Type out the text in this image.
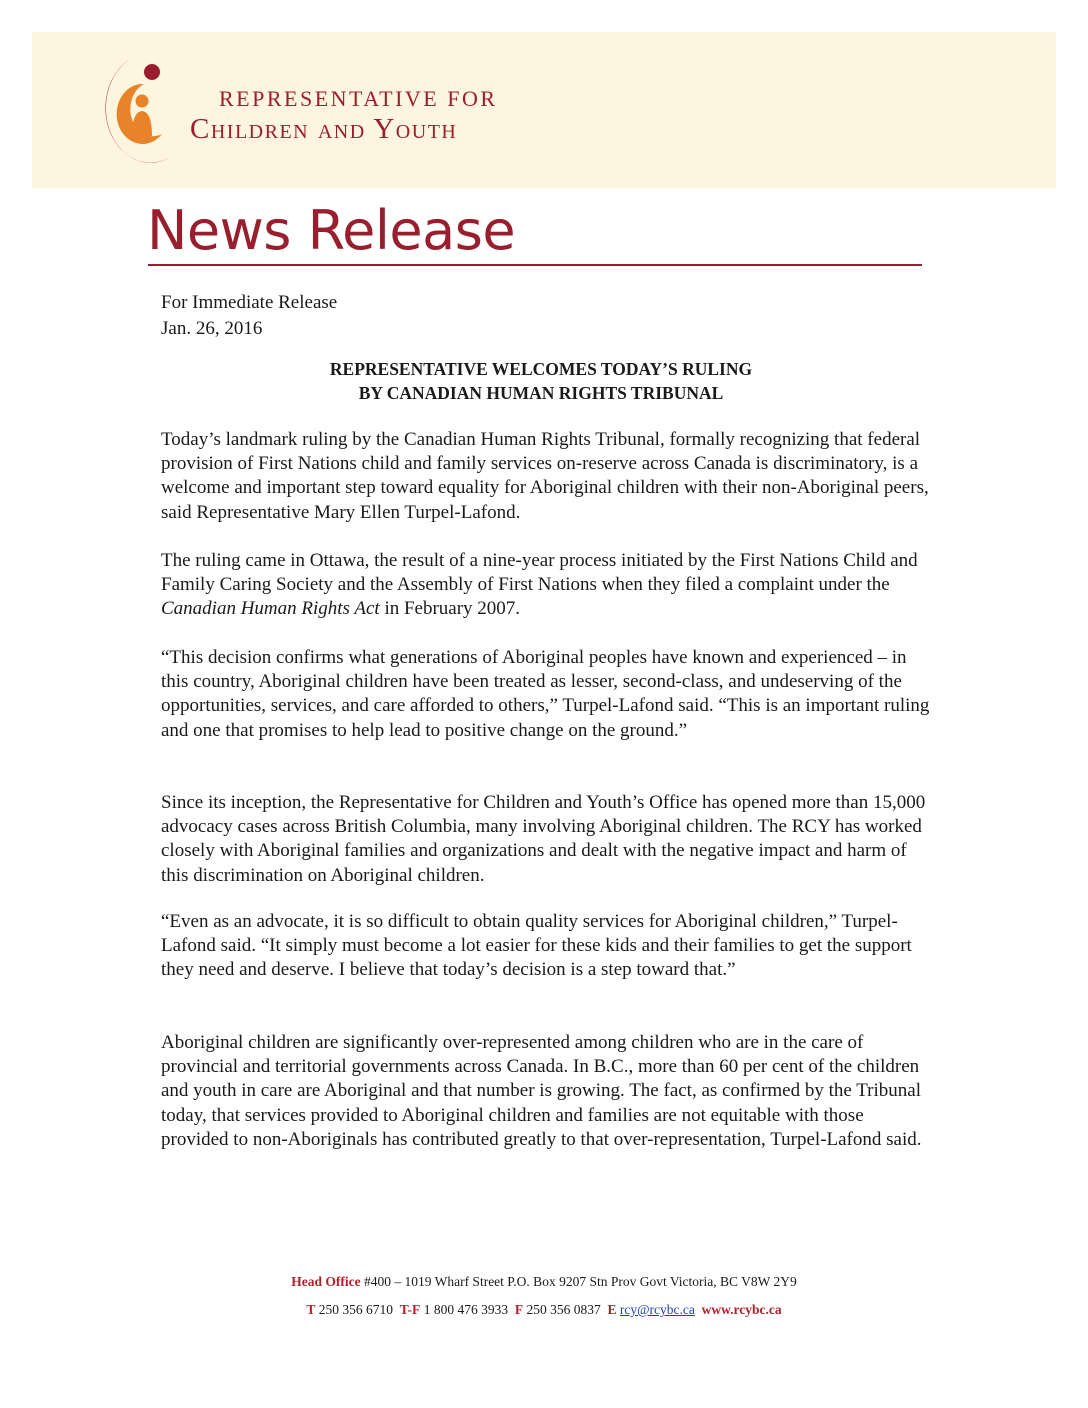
REPRESENTATIVE FOR
Children and Youth
News Release
For Immediate Release
Jan. 26, 2016
REPRESENTATIVE WELCOMES TODAY’S RULING
BY CANADIAN HUMAN RIGHTS TRIBUNAL

Today’s landmark ruling by the Canadian Human Rights Tribunal, formally recognizing that federal provision of First Nations child and family services on-reserve across Canada is discriminatory, is a welcome and important step toward equality for Aboriginal children with their non-Aboriginal peers, said Representative Mary Ellen Turpel-Lafond.

The ruling came in Ottawa, the result of a nine-year process initiated by the First Nations Child and Family Caring Society and the Assembly of First Nations when they filed a complaint under the Canadian Human Rights Act in February 2007.

“This decision confirms what generations of Aboriginal peoples have known and experienced – in this country, Aboriginal children have been treated as lesser, second-class, and undeserving of the opportunities, services, and care afforded to others,” Turpel-Lafond said. “This is an important ruling and one that promises to help lead to positive change on the ground.”

Since its inception, the Representative for Children and Youth’s Office has opened more than 15,000 advocacy cases across British Columbia, many involving Aboriginal children. The RCY has worked closely with Aboriginal families and organizations and dealt with the negative impact and harm of this discrimination on Aboriginal children.

“Even as an advocate, it is so difficult to obtain quality services for Aboriginal children,” Turpel-Lafond said. “It simply must become a lot easier for these kids and their families to get the support they need and deserve. I believe that today’s decision is a step toward that.”

Aboriginal children are significantly over-represented among children who are in the care of provincial and territorial governments across Canada. In B.C., more than 60 per cent of the children and youth in care are Aboriginal and that number is growing. The fact, as confirmed by the Tribunal today, that services provided to Aboriginal children and families are not equitable with those provided to non-Aboriginals has contributed greatly to that over-representation, Turpel-Lafond said.

Head Office #400 – 1019 Wharf Street P.O. Box 9207 Stn Prov Govt Victoria, BC V8W 2Y9
T 250 356 6710 T-F 1 800 476 3933 F 250 356 0837 E rcy@rcybc.ca www.rcybc.ca
